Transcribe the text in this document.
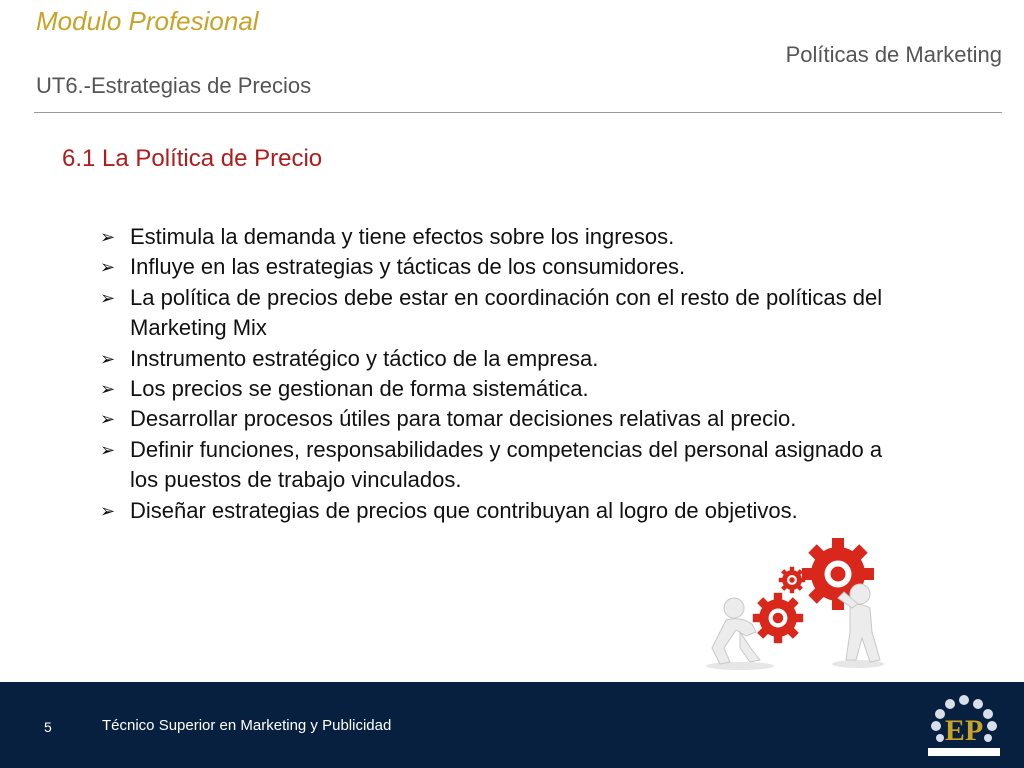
Modulo Profesional
Políticas de Marketing
UT6.-Estrategias de Precios
6.1 La Política de Precio
➢ Estimula la demanda y tiene efectos sobre los ingresos.
➢ Influye en las estrategias y tácticas de los consumidores.
➢ La política de precios debe estar en coordinación con el resto de políticas del Marketing Mix
➢ Instrumento estratégico y táctico de la empresa.
➢ Los precios se gestionan de forma sistemática.
➢ Desarrollar procesos útiles para tomar decisiones relativas al precio.
➢ Definir funciones, responsabilidades y competencias del personal asignado a los puestos de trabajo vinculados.
➢ Diseñar estrategias de precios que contribuyan al logro de objetivos.
5	Técnico Superior en Marketing y Publicidad	EP
